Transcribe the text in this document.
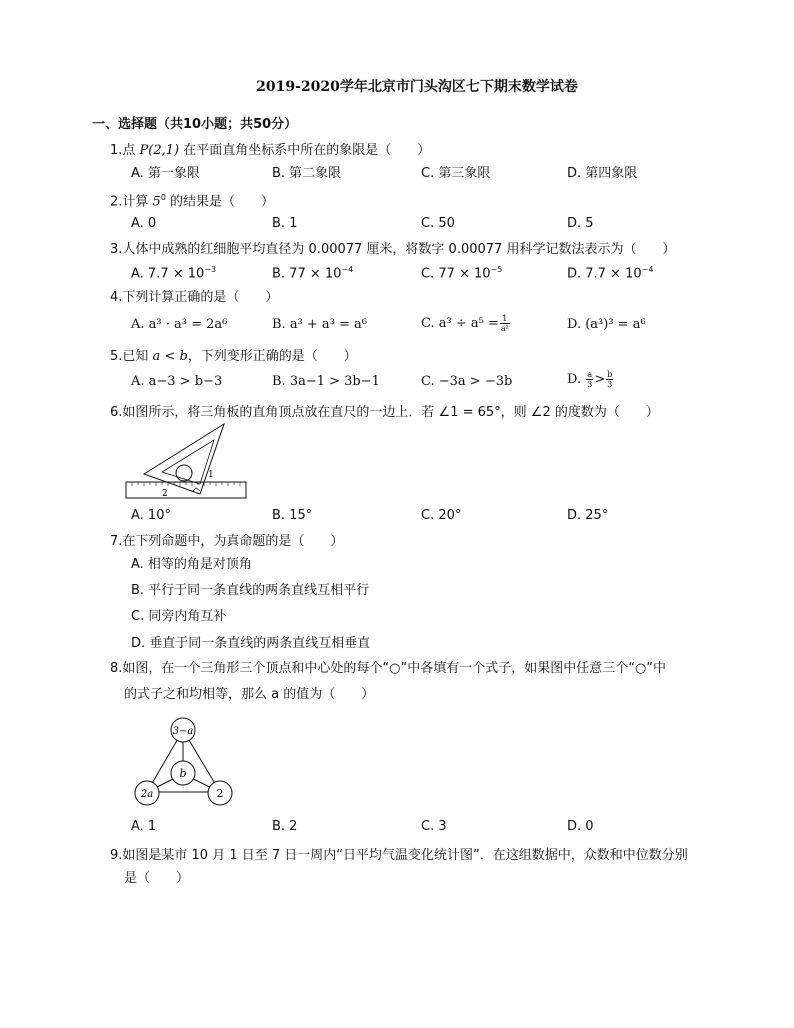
2019-2020学年北京市门头沟区七下期末数学试卷
一、选择题（共10小题；共50分）
1.点 P(2,1) 在平面直角坐标系中所在的象限是（　　）
A. 第一象限	B. 第二象限	C. 第三象限	D. 第四象限
2.计算 $5^0$ 的结果是（　　）
A. 0	B. 1	C. 50	D. 5
3.人体中成熟的红细胞平均直径为 0.00077 厘米，将数字 0.00077 用科学记数法表示为（　　）
A. $7.7 \times 10^{-3}$	B. $77 \times 10^{-4}$	C. $77 \times 10^{-5}$	D. $7.7 \times 10^{-4}$
4.下列计算正确的是（　　）
A. a³ · a³ = 2a⁶	B. a³ + a³ = a⁶	C. $a^3 \div a^5 = \frac{1}{\text{a²}}$	D. (a³)³ = a⁶
5.已知 a < b，下列变形正确的是（　　）
A. a−3 > b−3	B. 3a−1 > 3b−1	C. −3a > −3b	D. $\frac{a}{3} > \frac{b}{3}$
6.如图所示，将三角板的直角顶点放在直尺的一边上．若 ∠1 = 65°，则 ∠2 的度数为（　　）
1
2
A. 10°	B. 15°	C. 20°	D. 25°
7.在下列命题中，为真命题的是（　　）
A. 相等的角是对顶角
B. 平行于同一条直线的两条直线互相平行
C. 同旁内角互补
D. 垂直于同一条直线的两条直线互相垂直
8.如图，在一个三角形三个顶点和中心处的每个“○”中各填有一个式子，如果图中任意三个“○”中
的式子之和均相等，那么 a 的值为（　　）
3−a
b
2a	2
A. 1	B. 2	C. 3	D. 0
9.如图是某市 10 月 1 日至 7 日一周内“日平均气温变化统计图”．在这组数据中，众数和中位数分别
是（　　）
